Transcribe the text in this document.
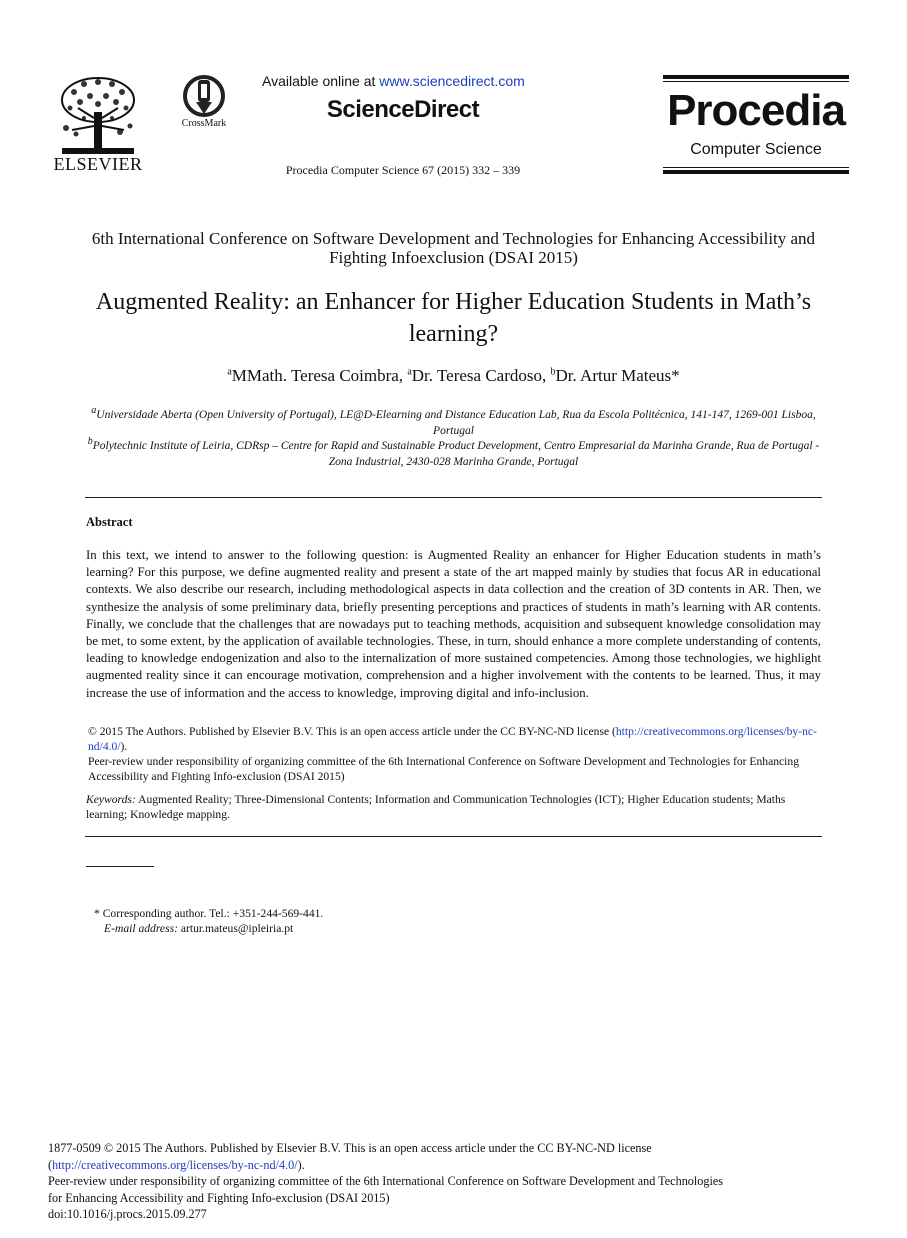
ELSEVIER
CrossMark
Available online at www.sciencedirect.com
ScienceDirect
Procedia Computer Science 67 (2015) 332 – 339
Procedia
Computer Science
6th International Conference on Software Development and Technologies for Enhancing Accessibility and Fighting Infoexclusion (DSAI 2015)
Augmented Reality: an Enhancer for Higher Education Students in Math’s learning?
$^a$MMath. Teresa Coimbra, $^a$Dr. Teresa Cardoso, $^b$Dr. Artur Mateus*
$^a$Universidade Aberta (Open University of Portugal), LE@D-Elearning and Distance Education Lab, Rua da Escola Politécnica, 141-147, 1269-001 Lisboa, Portugal
$^b$Polytechnic Institute of Leiria, CDRsp – Centre for Rapid and Sustainable Product Development, Centro Empresarial da Marinha Grande, Rua de Portugal - Zona Industrial, 2430-028 Marinha Grande, Portugal
Abstract
In this text, we intend to answer to the following question: is Augmented Reality an enhancer for Higher Education students in math’s learning? For this purpose, we define augmented reality and present a state of the art mapped mainly by studies that focus AR in educational contexts. We also describe our research, including methodological aspects in data collection and the creation of 3D contents in AR. Then, we synthesize the analysis of some preliminary data, briefly presenting perceptions and practices of students in math’s learning with AR contents. Finally, we conclude that the challenges that are nowadays put to teaching methods, acquisition and subsequent knowledge consolidation may be met, to some extent, by the application of available technologies. These, in turn, should enhance a more complete understanding of contents, leading to knowledge endogenization and also to the internalization of more sustained competencies. Among those technologies, we highlight augmented reality since it can encourage motivation, comprehension and a higher involvement with the contents to be learned. Thus, it may increase the use of information and the access to knowledge, improving digital and info-inclusion.
© 2015 The Authors. Published by Elsevier B.V. This is an open access article under the CC BY-NC-ND license (http://creativecommons.org/licenses/by-nc-nd/4.0/).
Peer-review under responsibility of organizing committee of the 6th International Conference on Software Development and Technologies for Enhancing Accessibility and Fighting Info-exclusion (DSAI 2015)
Keywords: Augmented Reality; Three-Dimensional Contents; Information and Communication Technologies (ICT); Higher Education students; Maths learning; Knowledge mapping.
* Corresponding author. Tel.: +351-244-569-441.
E-mail address: artur.mateus@ipleiria.pt
1877-0509 © 2015 The Authors. Published by Elsevier B.V. This is an open access article under the CC BY-NC-ND license
(http://creativecommons.org/licenses/by-nc-nd/4.0/).
Peer-review under responsibility of organizing committee of the 6th International Conference on Software Development and Technologies
for Enhancing Accessibility and Fighting Info-exclusion (DSAI 2015)
doi:10.1016/j.procs.2015.09.277
